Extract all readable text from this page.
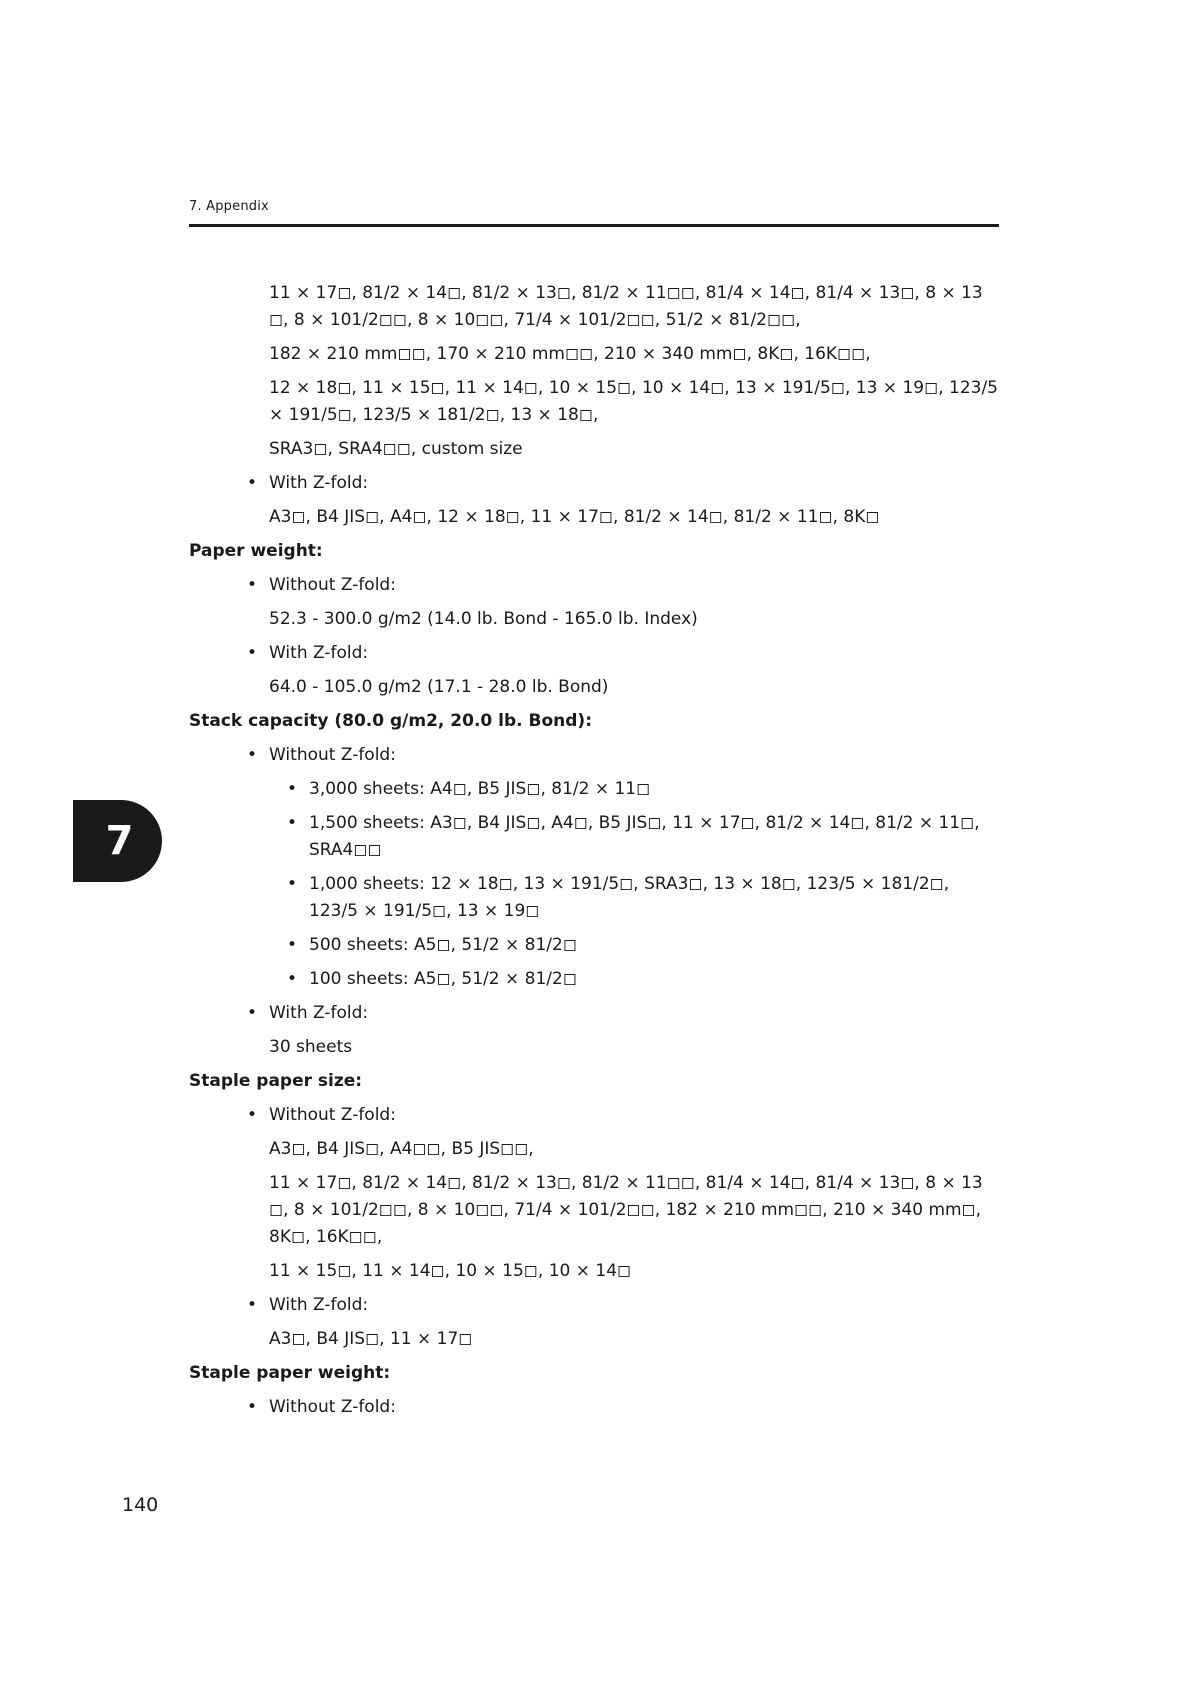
7. Appendix
11 × 17◻, 81/2 × 14◻, 81/2 × 13◻, 81/2 × 11◻◻, 81/4 × 14◻, 81/4 × 13◻, 8 × 13 ◻, 8 × 101/2◻◻, 8 × 10◻◻, 71/4 × 101/2◻◻, 51/2 × 81/2◻◻,
182 × 210 mm◻◻, 170 × 210 mm◻◻, 210 × 340 mm◻, 8K◻, 16K◻◻,
12 × 18◻, 11 × 15◻, 11 × 14◻, 10 × 15◻, 10 × 14◻, 13 × 191/5◻, 13 × 19◻, 123/5 × 191/5◻, 123/5 × 181/2◻, 13 × 18◻,
SRA3◻, SRA4◻◻, custom size
• With Z-fold:
A3◻, B4 JIS◻, A4◻, 12 × 18◻, 11 × 17◻, 81/2 × 14◻, 81/2 × 11◻, 8K◻
Paper weight:
• Without Z-fold:
52.3 - 300.0 g/m2 (14.0 lb. Bond - 165.0 lb. Index)
• With Z-fold:
64.0 - 105.0 g/m2 (17.1 - 28.0 lb. Bond)
Stack capacity (80.0 g/m2, 20.0 lb. Bond):
• Without Z-fold:
• 3,000 sheets: A4◻, B5 JIS◻, 81/2 × 11◻
• 1,500 sheets: A3◻, B4 JIS◻, A4◻, B5 JIS◻, 11 × 17◻, 81/2 × 14◻, 81/2 × 11◻, SRA4◻◻
• 1,000 sheets: 12 × 18◻, 13 × 191/5◻, SRA3◻, 13 × 18◻, 123/5 × 181/2◻, 123/5 × 191/5◻, 13 × 19◻
• 500 sheets: A5◻, 51/2 × 81/2◻
• 100 sheets: A5◻, 51/2 × 81/2◻
• With Z-fold:
30 sheets
Staple paper size:
• Without Z-fold:
A3◻, B4 JIS◻, A4◻◻, B5 JIS◻◻,
11 × 17◻, 81/2 × 14◻, 81/2 × 13◻, 81/2 × 11◻◻, 81/4 × 14◻, 81/4 × 13◻, 8 × 13 ◻, 8 × 101/2◻◻, 8 × 10◻◻, 71/4 × 101/2◻◻, 182 × 210 mm◻◻, 210 × 340 mm◻, 8K◻, 16K◻◻,
11 × 15◻, 11 × 14◻, 10 × 15◻, 10 × 14◻
• With Z-fold:
A3◻, B4 JIS◻, 11 × 17◻
Staple paper weight:
• Without Z-fold:
7
140
